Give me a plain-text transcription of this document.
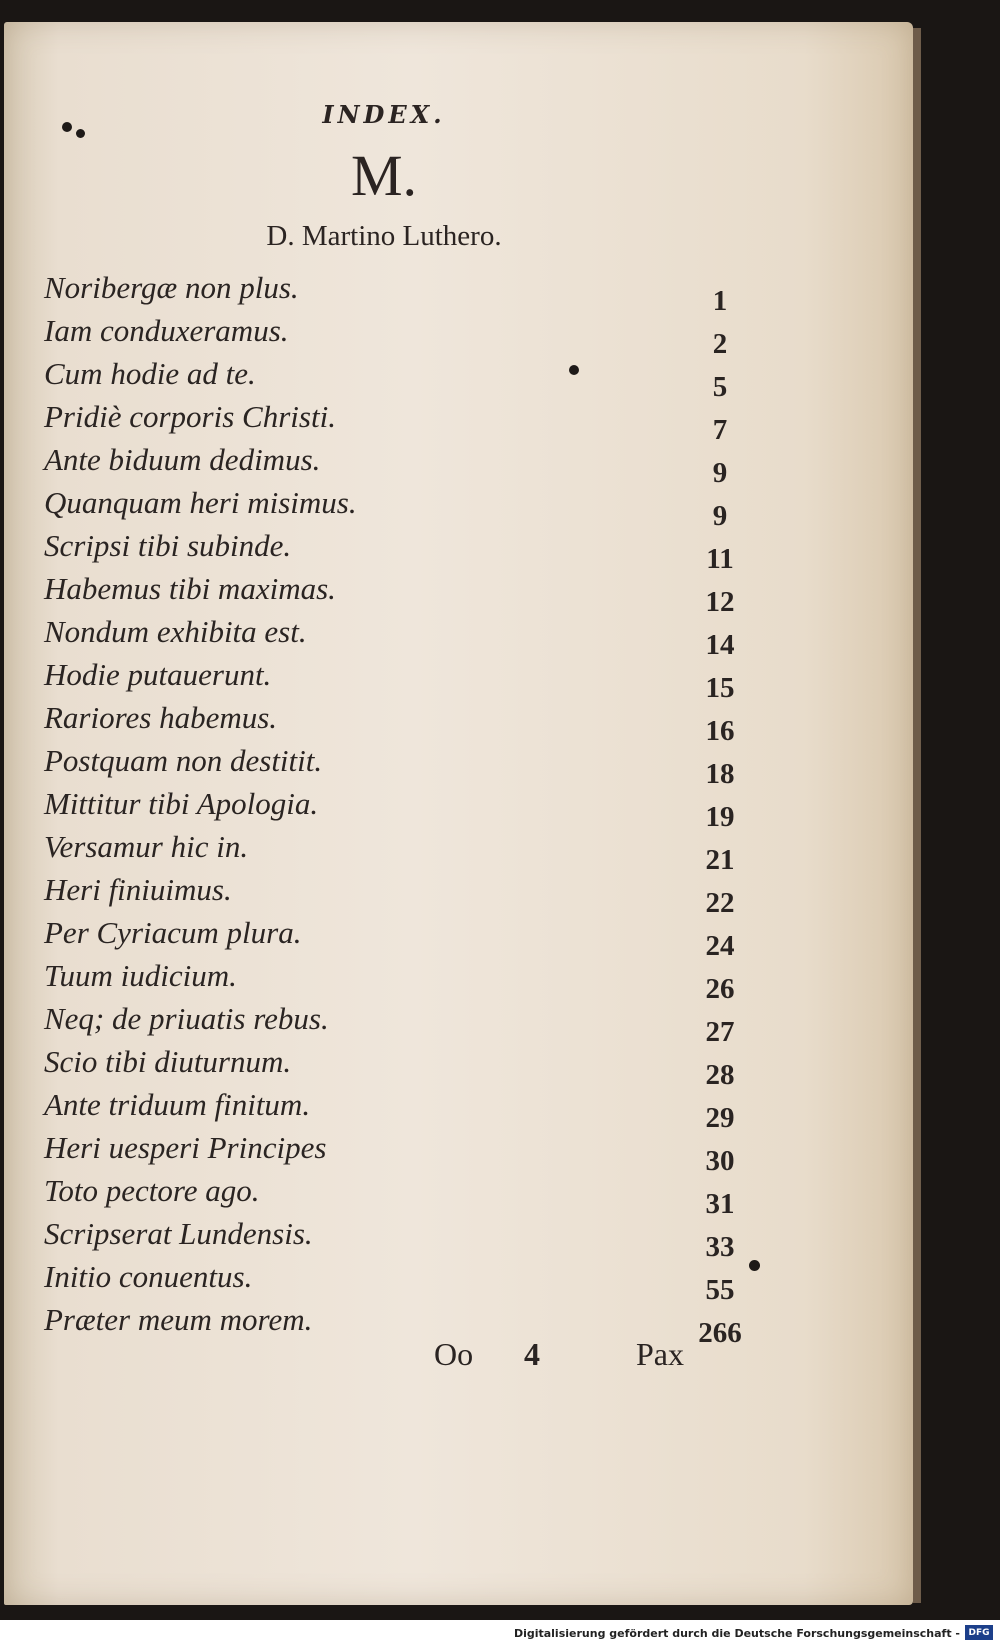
INDEX.
M.
D. Martino Luthero.
Noribergæ non plus.	1
Iam conduxeramus.	2
Cum hodie ad te.	5
Pridiè corporis Christi.	7
Ante biduum dedimus.	9
Quanquam heri misimus.	9
Scripsi tibi subinde.	11
Habemus tibi maximas.	12
Nondum exhibita est.	14
Hodie putauerunt.	15
Rariores habemus.	16
Postquam non destitit.	18
Mittitur tibi Apologia.	19
Versamur hic in.	21
Heri finiuimus.	22
Per Cyriacum plura.	24
Tuum iudicium.	26
Neq; de priuatis rebus.	27
Scio tibi diuturnum.	28
Ante triduum finitum.	29
Heri uesperi Principes	30
Toto pectore ago.	31
Scripserat Lundensis.	33
Initio conuentus.	55
Præter meum morem.	266
Oo 4	Pax
Digitalisierung gefördert durch die Deutsche Forschungsgemeinschaft - DFG
